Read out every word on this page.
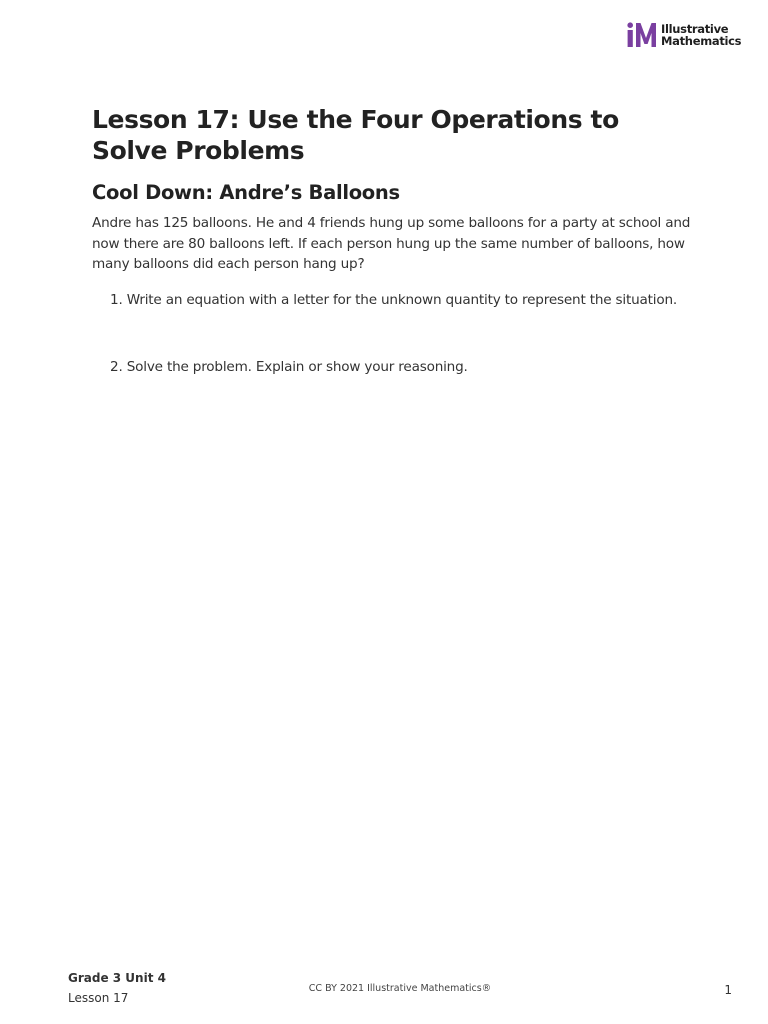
Illustrative
Mathematics
Lesson 17: Use the Four Operations to Solve Problems
Cool Down: Andre’s Balloons

Andre has 125 balloons. He and 4 friends hung up some balloons for a party at school and now there are 80 balloons left. If each person hung up the same number of balloons, how many balloons did each person hang up?

1. Write an equation with a letter for the unknown quantity to represent the situation.

2. Solve the problem. Explain or show your reasoning.

Grade 3 Unit 4
Lesson 17
CC BY 2021 Illustrative Mathematics®	1
